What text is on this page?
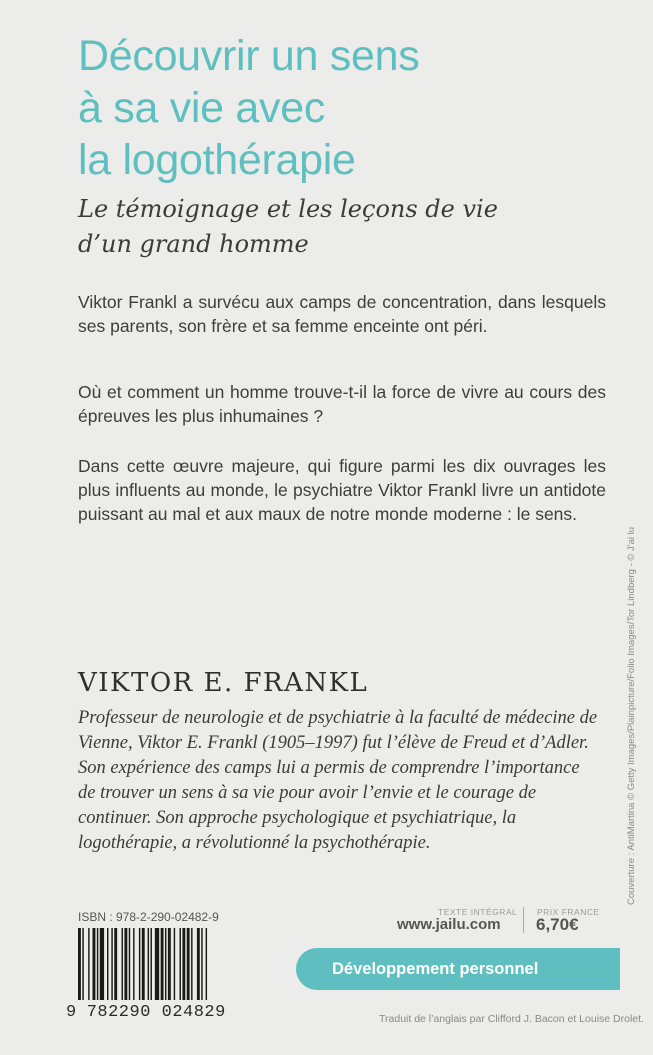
Découvrir un sens
à sa vie avec
la logothérapie
Le témoignage et les leçons de vie
d’un grand homme
Viktor Frankl a survécu aux camps de concentration, dans lesquels ses parents, son frère et sa femme enceinte ont péri.
Où et comment un homme trouve-t-il la force de vivre au cours des épreuves les plus inhumaines ?
Dans cette œuvre majeure, qui figure parmi les dix ouvrages les plus influents au monde, le psychiatre Viktor Frankl livre un antidote puissant au mal et aux maux de notre monde moderne : le sens.
VIKTOR E. FRANKL
Professeur de neurologie et de psychiatrie à la faculté de médecine de Vienne, Viktor E. Frankl (1905–1997) fut l’élève de Freud et d’Adler. Son expérience des camps lui a permis de comprendre l’importance de trouver un sens à sa vie pour avoir l’envie et le courage de continuer. Son approche psychologique et psychiatrique, la logothérapie, a révolutionné la psychothérapie.	Couverture : AntiMartina © Getty Images/Plainpicture/Folio Images/Tor Lindberg - © J'ai lu
ISBN : 978-2-290-02482-9
9 782290 024829
TEXTE INTÉGRAL
www.jailu.com
PRIX FRANCE
6,70€
Développement personnel
Traduit de l’anglais par Clifford J. Bacon et Louise Drolet.
